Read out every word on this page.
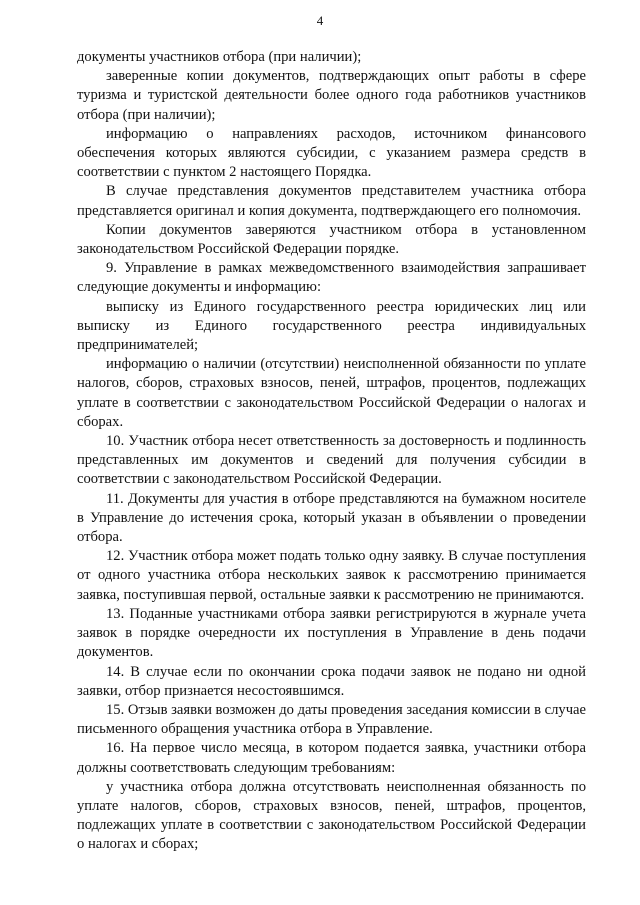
4

документы участников отбора (при наличии);

заверенные копии документов, подтверждающих опыт работы в сфере туризма и туристской деятельности более одного года работников участников отбора (при наличии);

информацию о направлениях расходов, источником финансового обеспечения которых являются субсидии, с указанием размера средств в соответствии с пунктом 2 настоящего Порядка.

В случае представления документов представителем участника отбора представляется оригинал и копия документа, подтверждающего его полномочия.

Копии документов заверяются участником отбора в установленном законодательством Российской Федерации порядке.

9. Управление в рамках межведомственного взаимодействия запрашивает следующие документы и информацию:

выписку из Единого государственного реестра юридических лиц или выписку из Единого государственного реестра индивидуальных предпринимателей;

информацию о наличии (отсутствии) неисполненной обязанности по уплате налогов, сборов, страховых взносов, пеней, штрафов, процентов, подлежащих уплате в соответствии с законодательством Российской Федерации о налогах и сборах.

10. Участник отбора несет ответственность за достоверность и подлинность представленных им документов и сведений для получения субсидии в соответствии с законодательством Российской Федерации.

11. Документы для участия в отборе представляются на бумажном носителе в Управление до истечения срока, который указан в объявлении о проведении отбора.

12. Участник отбора может подать только одну заявку. В случае поступления от одного участника отбора нескольких заявок к рассмотрению принимается заявка, поступившая первой, остальные заявки к рассмотрению не принимаются.

13. Поданные участниками отбора заявки регистрируются в журнале учета заявок в порядке очередности их поступления в Управление в день подачи документов.

14. В случае если по окончании срока подачи заявок не подано ни одной заявки, отбор признается несостоявшимся.

15. Отзыв заявки возможен до даты проведения заседания комиссии в случае письменного обращения участника отбора в Управление.

16. На первое число месяца, в котором подается заявка, участники отбора должны соответствовать следующим требованиям:

у участника отбора должна отсутствовать неисполненная обязанность по уплате налогов, сборов, страховых взносов, пеней, штрафов, процентов, подлежащих уплате в соответствии с законодательством Российской Федерации о налогах и сборах;
